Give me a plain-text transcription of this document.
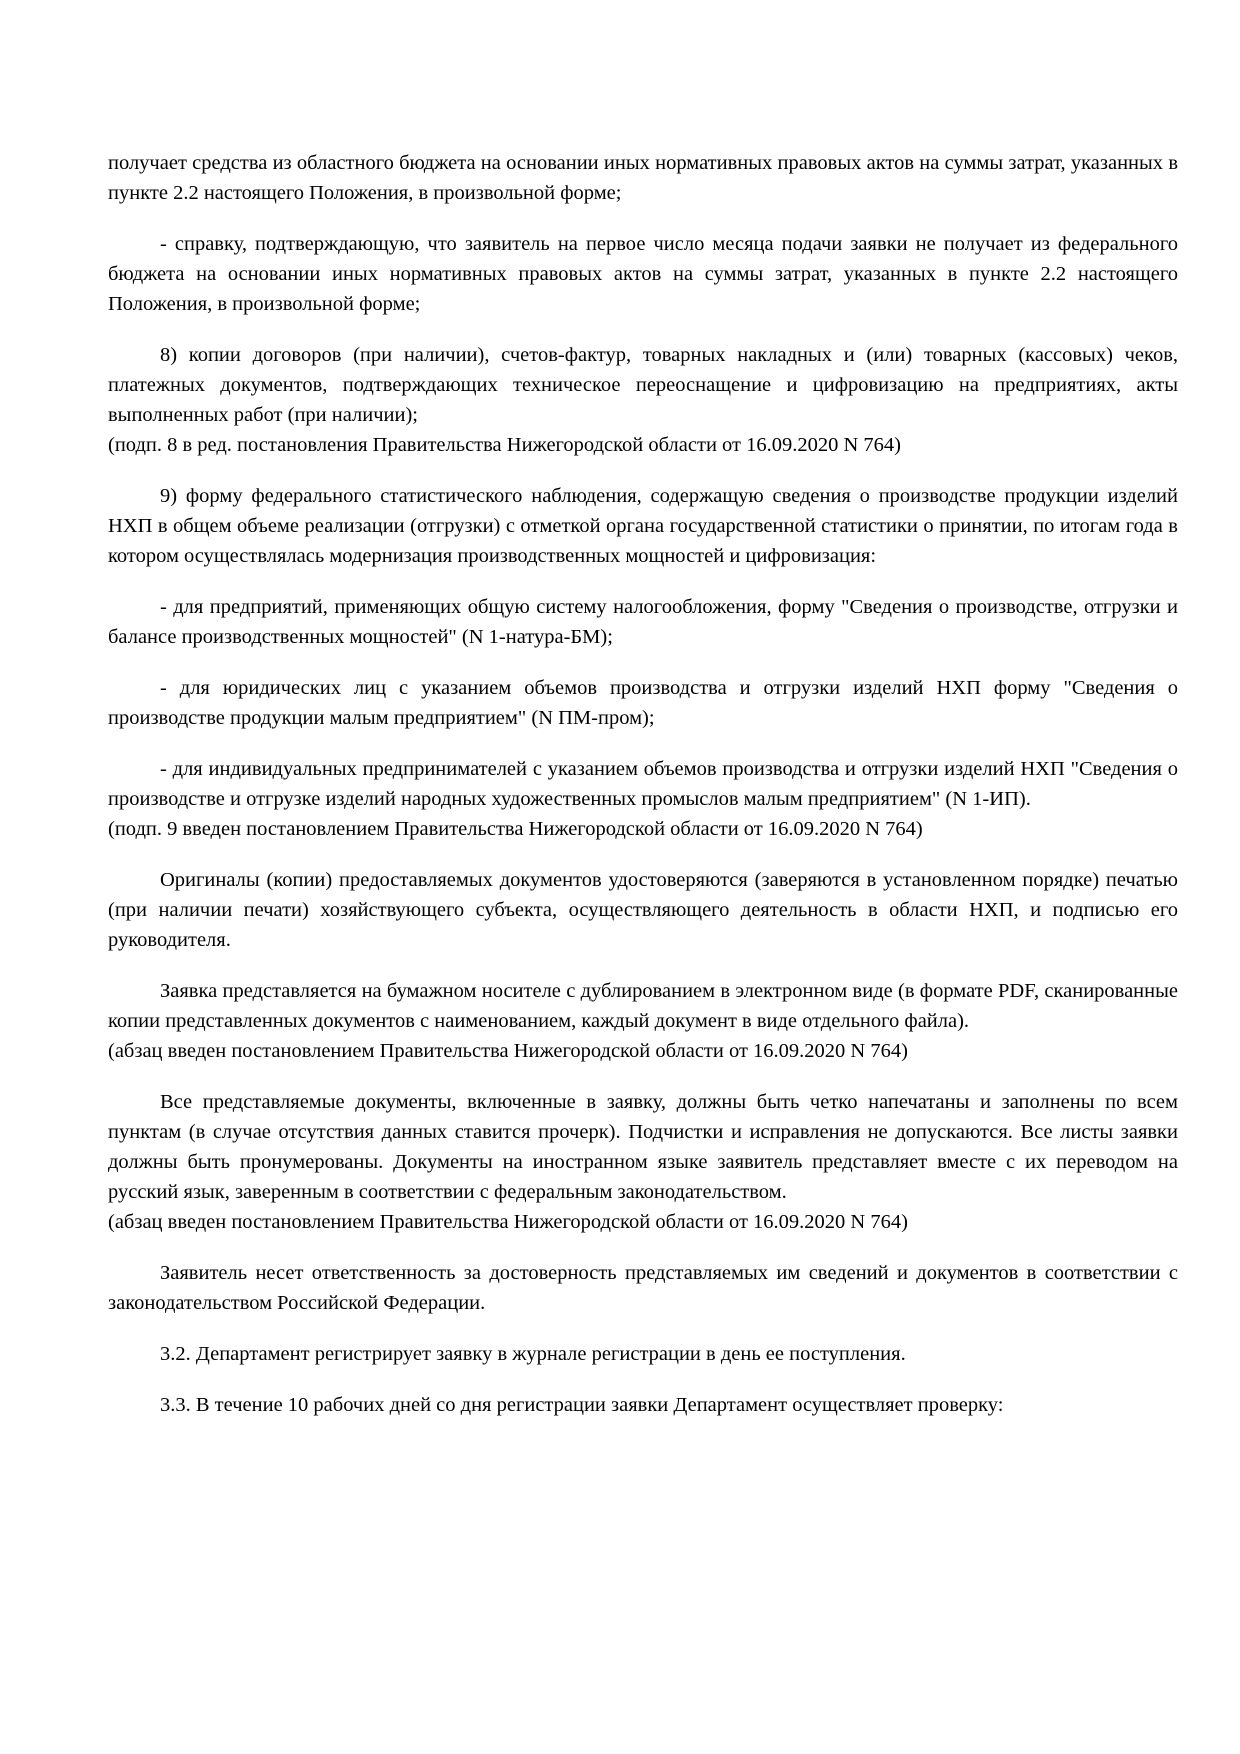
получает средства из областного бюджета на основании иных нормативных правовых актов на суммы затрат, указанных в пункте 2.2 настоящего Положения, в произвольной форме;
- справку, подтверждающую, что заявитель на первое число месяца подачи заявки не получает из федерального бюджета на основании иных нормативных правовых актов на суммы затрат, указанных в пункте 2.2 настоящего Положения, в произвольной форме;
8) копии договоров (при наличии), счетов-фактур, товарных накладных и (или) товарных (кассовых) чеков, платежных документов, подтверждающих техническое переоснащение и цифровизацию на предприятиях, акты выполненных работ (при наличии);
(подп. 8 в ред. постановления Правительства Нижегородской области от 16.09.2020 N 764)
9) форму федерального статистического наблюдения, содержащую сведения о производстве продукции изделий НХП в общем объеме реализации (отгрузки) с отметкой органа государственной статистики о принятии, по итогам года в котором осуществлялась модернизация производственных мощностей и цифровизация:
- для предприятий, применяющих общую систему налогообложения, форму "Сведения о производстве, отгрузки и балансе производственных мощностей" (N 1-натура-БМ);
- для юридических лиц с указанием объемов производства и отгрузки изделий НХП форму "Сведения о производстве продукции малым предприятием" (N ПМ-пром);
- для индивидуальных предпринимателей с указанием объемов производства и отгрузки изделий НХП "Сведения о производстве и отгрузке изделий народных художественных промыслов малым предприятием" (N 1-ИП).
(подп. 9 введен постановлением Правительства Нижегородской области от 16.09.2020 N 764)
Оригиналы (копии) предоставляемых документов удостоверяются (заверяются в установленном порядке) печатью (при наличии печати) хозяйствующего субъекта, осуществляющего деятельность в области НХП, и подписью его руководителя.
Заявка представляется на бумажном носителе с дублированием в электронном виде (в формате PDF, сканированные копии представленных документов с наименованием, каждый документ в виде отдельного файла).
(абзац введен постановлением Правительства Нижегородской области от 16.09.2020 N 764)
Все представляемые документы, включенные в заявку, должны быть четко напечатаны и заполнены по всем пунктам (в случае отсутствия данных ставится прочерк). Подчистки и исправления не допускаются. Все листы заявки должны быть пронумерованы. Документы на иностранном языке заявитель представляет вместе с их переводом на русский язык, заверенным в соответствии с федеральным законодательством.
(абзац введен постановлением Правительства Нижегородской области от 16.09.2020 N 764)
Заявитель несет ответственность за достоверность представляемых им сведений и документов в соответствии с законодательством Российской Федерации.
3.2. Департамент регистрирует заявку в журнале регистрации в день ее поступления.
3.3. В течение 10 рабочих дней со дня регистрации заявки Департамент осуществляет проверку:
